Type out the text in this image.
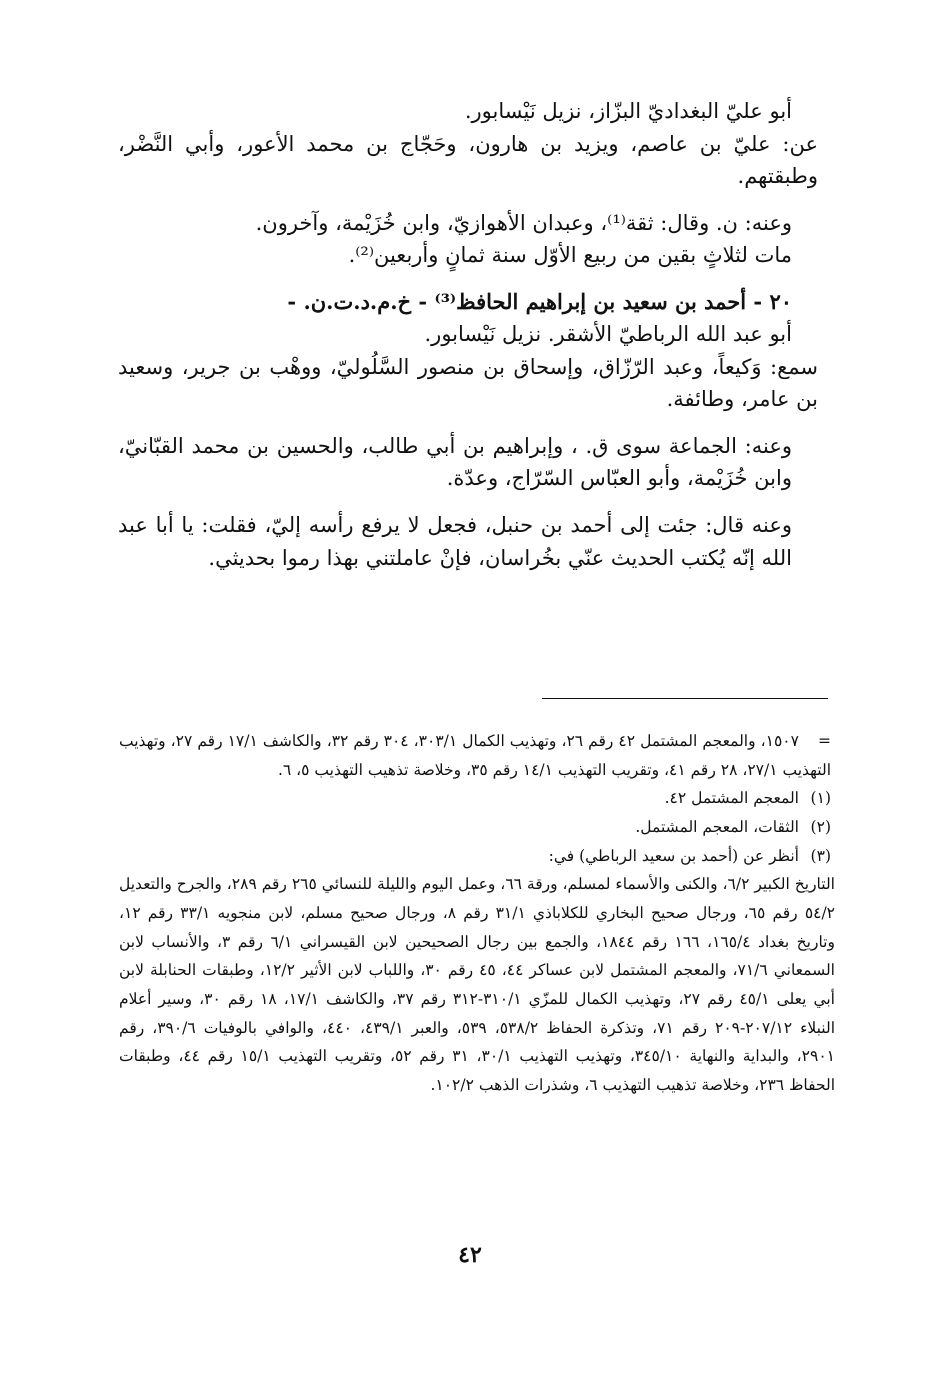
أبو عليّ البغداديّ البزّاز، نزيل نَيْسابور.

عن: عليّ بن عاصم، ويزيد بن هارون، وحَجّاج بن محمد الأعور، وأبي النَّضْر، وطبقتهم.

وعنه: ن. وقال: ثقة⁽¹⁾، وعبدان الأهوازيّ، وابن خُزَيْمة، وآخرون.

مات لثلاثٍ بقين من ربيع الأوّل سنة ثمانٍ وأربعين⁽²⁾.

٢٠ - أحمد بن سعيد بن إبراهيم الحافظ⁽³⁾ - خ.م.د.ت.ن. -

أبو عبد الله الرباطيّ الأشقر. نزيل نَيْسابور.

سمع: وَكيعاً، وعبد الرّزّاق، وإسحاق بن منصور السَّلُوليّ، ووهْب بن جرير، وسعيد بن عامر، وطائفة.

وعنه: الجماعة سوى ق. ، وإبراهيم بن أبي طالب، والحسين بن محمد القبّانيّ، وابن خُزَيْمة، وأبو العبّاس السّرّاج، وعدّة.

وعنه قال: جئت إلى أحمد بن حنبل، فجعل لا يرفع رأسه إليّ، فقلت: يا أبا عبد الله إنّه يُكتب الحديث عنّي بخُراسان، فإنْ عاملتني بهذا رموا بحديثي.

=١٥٠٧، والمعجم المشتمل ٤٢ رقم ٢٦، وتهذيب الكمال ٣٠٣/١، ٣٠٤ رقم ٣٢، والكاشف ١٧/١ رقم ٢٧، وتهذيب التهذيب ٢٧/١، ٢٨ رقم ٤١، وتقريب التهذيب ١٤/١ رقم ٣٥، وخلاصة تذهيب التهذيب ٥، ٦.

(١)المعجم المشتمل ٤٢.

(٢)الثقات، المعجم المشتمل.

(٣)أنظر عن (أحمد بن سعيد الرباطي) في:

التاريخ الكبير ٦/٢، والكنى والأسماء لمسلم، ورقة ٦٦، وعمل اليوم والليلة للنسائي ٢٦٥ رقم ٢٨٩، والجرح والتعديل ٥٤/٢ رقم ٦٥، ورجال صحيح البخاري للكلاباذي ٣١/١ رقم ٨، ورجال صحيح مسلم، لابن منجويه ٣٣/١ رقم ١٢، وتاريخ بغداد ١٦٥/٤، ١٦٦ رقم ١٨٤٤، والجمع بين رجال الصحيحين لابن القيسراني ٦/١ رقم ٣، والأنساب لابن السمعاني ٧١/٦، والمعجم المشتمل لابن عساكر ٤٤، ٤٥ رقم ٣٠، واللباب لابن الأثير ١٢/٢، وطبقات الحنابلة لابن أبي يعلى ٤٥/١ رقم ٢٧، وتهذيب الكمال للمزّي ٣١٠/١-٣١٢ رقم ٣٧، والكاشف ١٧/١، ١٨ رقم ٣٠، وسير أعلام النبلاء ٢٠٧/١٢-٢٠٩ رقم ٧١، وتذكرة الحفاظ ٥٣٨/٢، ٥٣٩، والعبر ٤٣٩/١، ٤٤٠، والوافي بالوفيات ٣٩٠/٦، رقم ٢٩٠١، والبداية والنهاية ٣٤٥/١٠، وتهذيب التهذيب ٣٠/١، ٣١ رقم ٥٢، وتقريب التهذيب ١٥/١ رقم ٤٤، وطبقات الحفاظ ٢٣٦، وخلاصة تذهيب التهذيب ٦، وشذرات الذهب ١٠٢/٢.

٤٢
